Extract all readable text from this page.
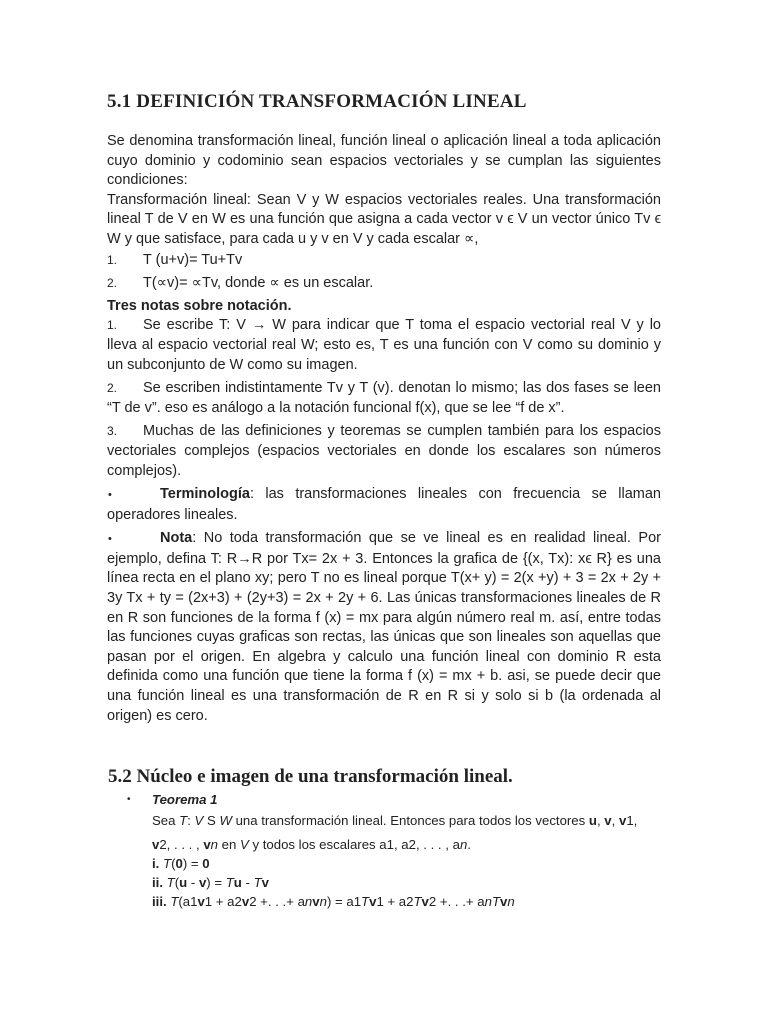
5.1 DEFINICIÓN TRANSFORMACIÓN LINEAL

Se denomina transformación lineal, función lineal o aplicación lineal a toda aplicación cuyo dominio y codominio sean espacios vectoriales y se cumplan las siguientes condiciones:

Transformación lineal: Sean V y W espacios vectoriales reales. Una transformación lineal T de V en W es una función que asigna a cada vector v ϵ V un vector único Tv ϵ W y que satisface, para cada u y v en V y cada escalar ∝,

1. T (u+v)= Tu+Tv

2. T(∝v)= ∝Tv, donde ∝ es un escalar.

Tres notas sobre notación.

1. Se escribe T: V → W para indicar que T toma el espacio vectorial real V y lo lleva al espacio vectorial real W; esto es, T es una función con V como su dominio y un subconjunto de W como su imagen.

2. Se escriben indistintamente Tv y T (v). denotan lo mismo; las dos fases se leen “T de v”. eso es análogo a la notación funcional f(x), que se lee “f de x”.

3. Muchas de las definiciones y teoremas se cumplen también para los espacios vectoriales complejos (espacios vectoriales en donde los escalares son números complejos).

•	Terminología: las transformaciones lineales con frecuencia se llaman operadores lineales.

•	Nota: No toda transformación que se ve lineal es en realidad lineal. Por ejemplo, defina T: R→R por Tx= 2x + 3. Entonces la grafica de {(x, Tx): xϵ R} es una línea recta en el plano xy; pero T no es lineal porque T(x+ y) = 2(x +y) + 3 = 2x + 2y + 3y Tx + ty = (2x+3) + (2y+3) = 2x + 2y + 6. Las únicas transformaciones lineales de R en R son funciones de la forma f (x) = mx para algún número real m. así, entre todas las funciones cuyas graficas son rectas, las únicas que son lineales son aquellas que pasan por el origen. En algebra y calculo una función lineal con dominio R esta definida como una función que tiene la forma f (x) = mx + b. asi, se puede decir que una función lineal es una transformación de R en R si y solo si b (la ordenada al origen) es cero.

5.2 Núcleo e imagen de una transformación lineal.
• Teorema 1

Sea T: V S W una transformación lineal. Entonces para todos los vectores u, v, v1,

v2, . . . , vn en V y todos los escalares a1, a2, . . . , an.

i. T(0) = 0

ii. T(u - v) = Tu - Tv

iii. T(a1v1 + a2v2 +. . .+ anvn) = a1Tv1 + a2Tv2 +. . .+ anTvn
